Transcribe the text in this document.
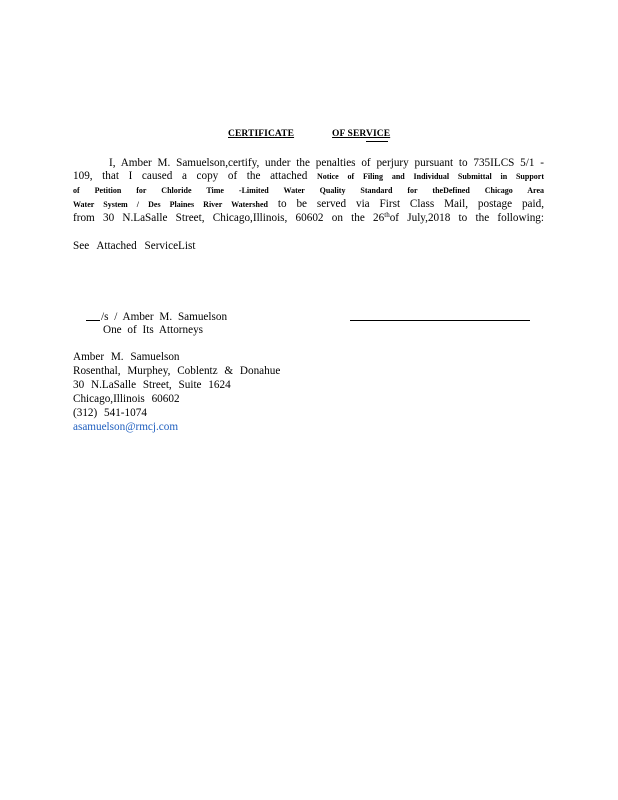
CERTIFICATE	OF SERVICE
I, Amber M. Samuelson,certify, under the penalties of perjury pursuant to 735ILCS 5/1 -
109, that I caused a copy of the attached Notice of Filing and Individual Submittal in Support
of Petition for Chloride Time -Limited Water Quality Standard for theDefined Chicago Area
Water System / Des Plaines River Watershed to be served via First Class Mail, postage paid,
from 30 N.LaSalle Street, Chicago,Illinois, 60602 on the 26thof July,2018 to the following:
See Attached ServiceList
/s / Amber M. Samuelson
One of Its Attorneys
Amber M. Samuelson
Rosenthal, Murphey, Coblentz & Donahue
30 N.LaSalle Street, Suite 1624
Chicago,Illinois 60602
(312) 541-1074
asamuelson@rmcj.com
